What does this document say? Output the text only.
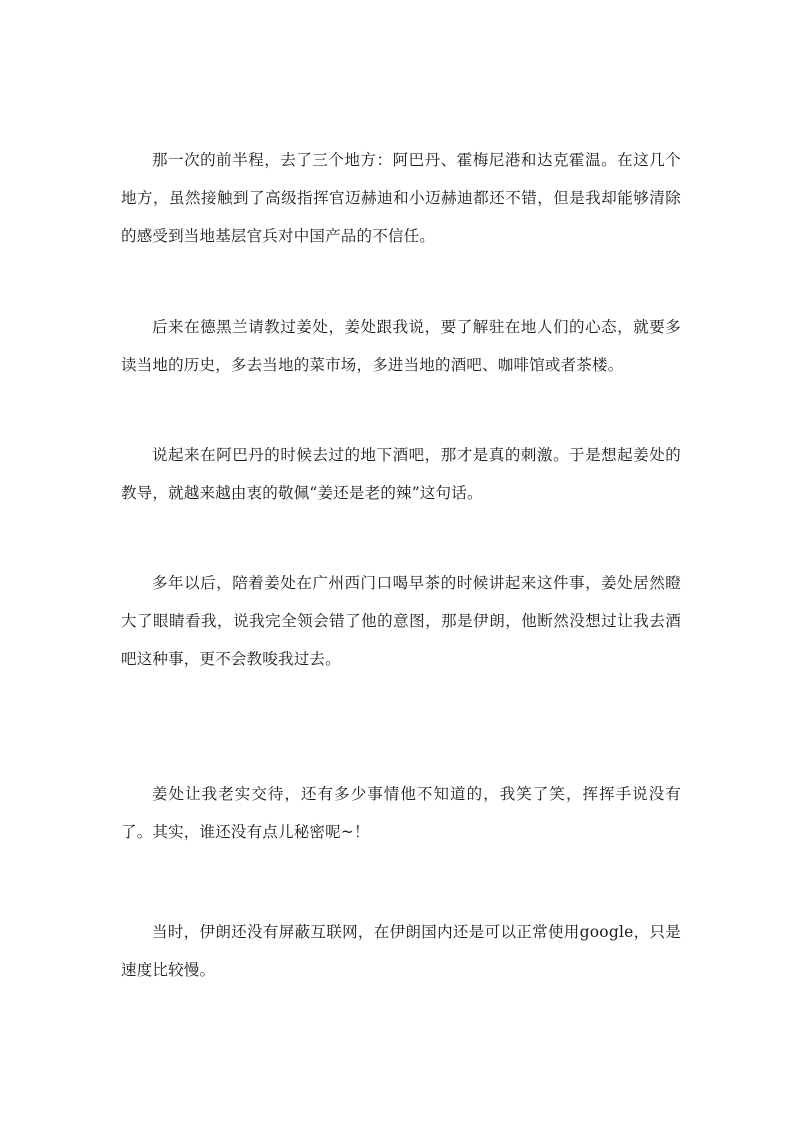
那一次的前半程，去了三个地方：阿巴丹、霍梅尼港和达克霍温。在这几个地方，虽然接触到了高级指挥官迈赫迪和小迈赫迪都还不错，但是我却能够清除的感受到当地基层官兵对中国产品的不信任。

后来在德黑兰请教过姜处，姜处跟我说，要了解驻在地人们的心态，就要多读当地的历史，多去当地的菜市场，多进当地的酒吧、咖啡馆或者茶楼。

说起来在阿巴丹的时候去过的地下酒吧，那才是真的刺激。于是想起姜处的教导，就越来越由衷的敬佩“姜还是老的辣”这句话。

多年以后，陪着姜处在广州西门口喝早茶的时候讲起来这件事，姜处居然瞪大了眼睛看我，说我完全领会错了他的意图，那是伊朗，他断然没想过让我去酒吧这种事，更不会教唆我过去。

姜处让我老实交待，还有多少事情他不知道的，我笑了笑，挥挥手说没有了。其实，谁还没有点儿秘密呢~！

当时，伊朗还没有屏蔽互联网，在伊朗国内还是可以正常使用google，只是速度比较慢。
